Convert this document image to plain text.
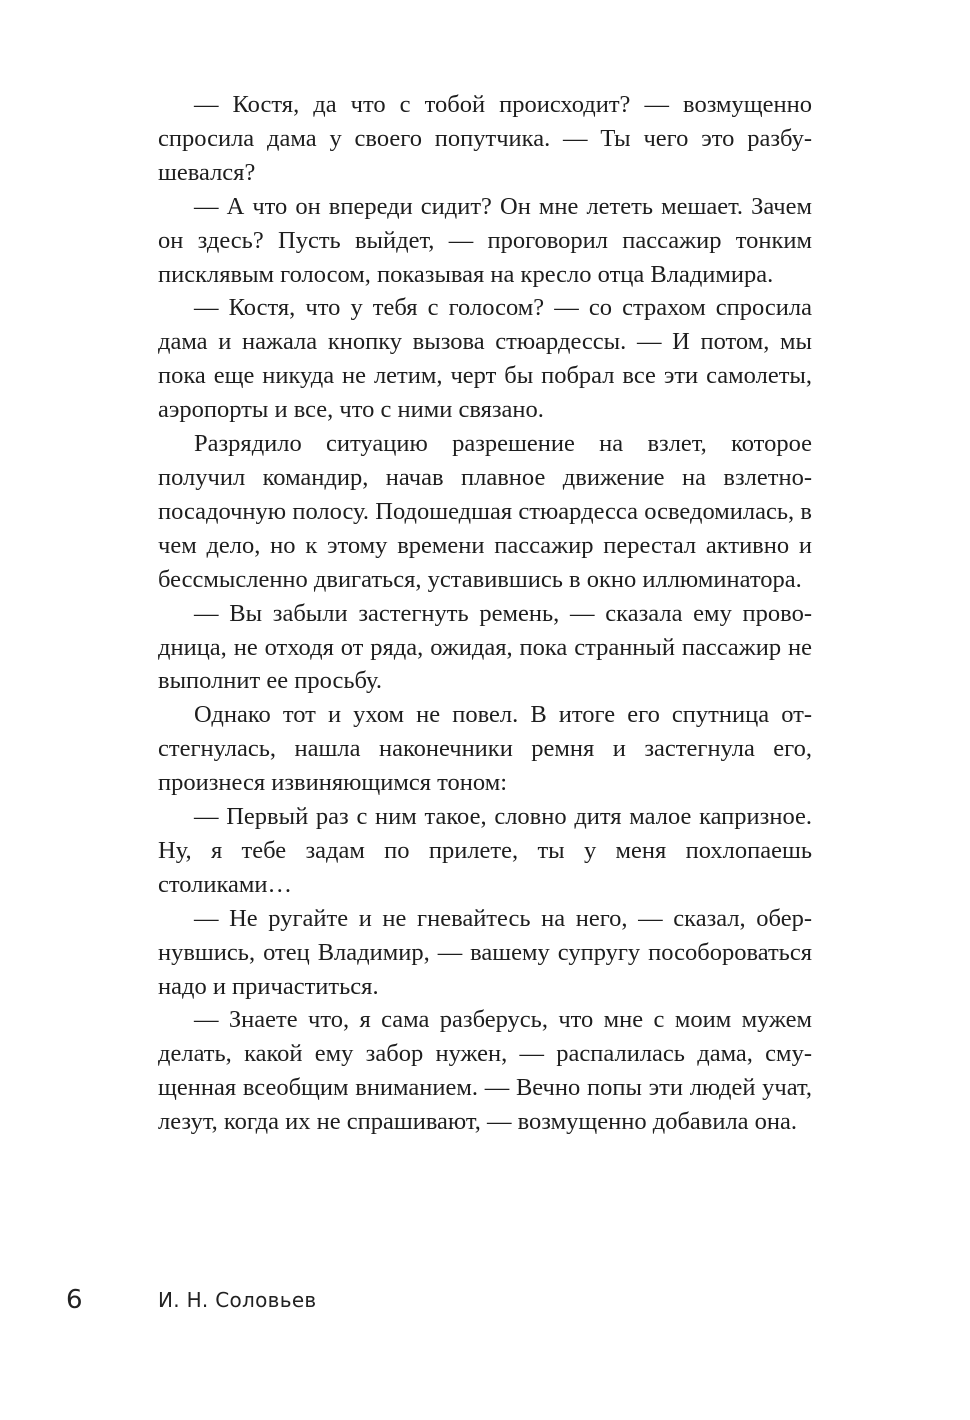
— Костя, да что с тобой происходит? — возмущенно спросила дама у своего попутчика. — Ты чего это разбушевался?

— А что он впереди сидит? Он мне лететь мешает. Зачем он здесь? Пусть выйдет, — проговорил пассажир тонким писклявым голосом, показывая на кресло отца Владимира.

— Костя, что у тебя с голосом? — со страхом спросила дама и нажала кнопку вызова стюардессы. — И потом, мы пока еще никуда не летим, черт бы побрал все эти самолеты, аэропорты и все, что с ними связано.

Разрядило ситуацию разрешение на взлет, которое получил командир, начав плавное движение на взлетно-посадочную полосу. Подошедшая стюардесса осведомилась, в чем дело, но к этому времени пассажир перестал активно и бессмысленно двигаться, уставившись в окно иллюминатора.

— Вы забыли застегнуть ремень, — сказала ему проводница, не отходя от ряда, ожидая, пока странный пассажир не выполнит ее просьбу.

Однако тот и ухом не повел. В итоге его спутница отстегнулась, нашла наконечники ремня и застегнула его, произнеся извиняющимся тоном:

— Первый раз с ним такое, словно дитя малое капризное. Ну, я тебе задам по прилете, ты у меня похлопаешь столиками…

— Не ругайте и не гневайтесь на него, — сказал, обернувшись, отец Владимир, — вашему супругу пособороваться надо и причаститься.

— Знаете что, я сама разберусь, что мне с моим мужем делать, какой ему забор нужен, — распалилась дама, смущенная всеобщим вниманием. — Вечно попы эти людей учат, лезут, когда их не спрашивают, — возмущенно добавила она.

6	И. Н. Соловьев
